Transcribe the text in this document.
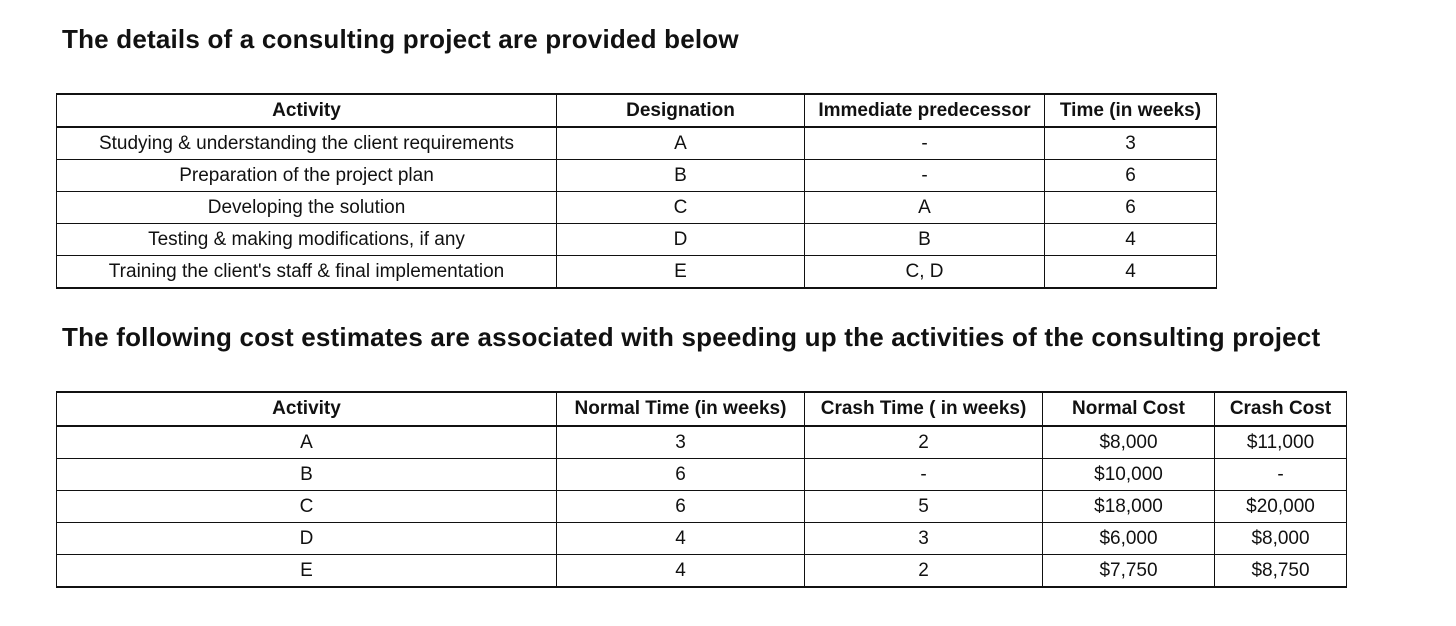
The details of a consulting project are provided below
Activity	Designation	Immediate predecessor	Time (in weeks)
Studying & understanding the client requirements	A	-	3
Preparation of the project plan	B	-	6
Developing the solution	C	A	6
Testing & making modifications, if any	D	B	4
Training the client's staff & final implementation	E	C, D	4
The following cost estimates are associated with speeding up the activities of the consulting project
Activity	Normal Time (in weeks)	Crash Time ( in weeks)	Normal Cost	Crash Cost
A	3	2	$8,000	$11,000
B	6	-	$10,000	-
C	6	5	$18,000	$20,000
D	4	3	$6,000	$8,000
E	4	2	$7,750	$8,750
